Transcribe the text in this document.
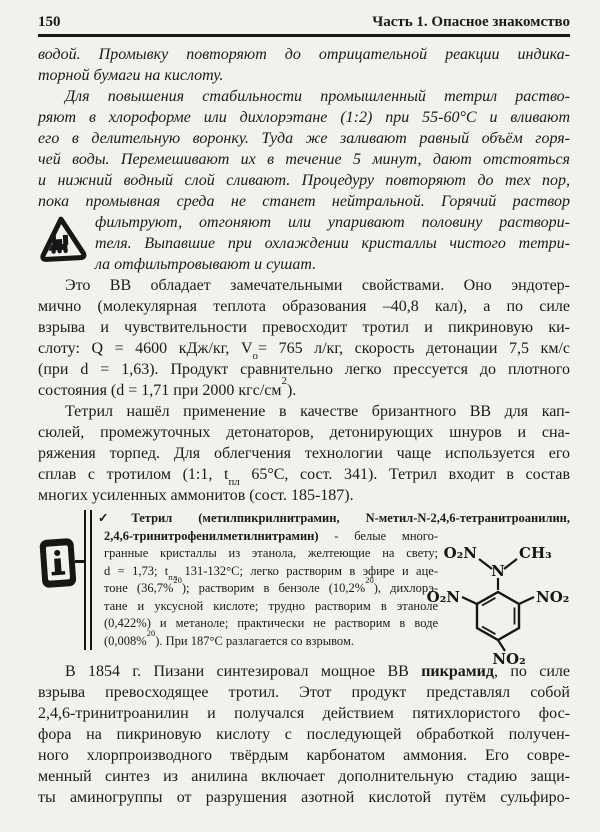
150	Часть 1. Опасное знакомство
водой. Промывку повторяют до отрицательной реакции индика-
торной бумаги на кислоту.
Для повышения стабильности промышленный тетрил раство-
ряют в хлороформе или дихлорэтане (1:2) при 55-60°С и вливают
его в делительную воронку. Туда же заливают равный объём горя-
чей воды. Перемешивают их в течение 5 минут, дают отстояться
и нижний водный слой сливают. Процедуру повторяют до тех пор,
пока промывная среда не станет нейтральной. Горячий раствор
фильтруют, отгоняют или упаривают половину раствори-
теля. Выпавшие при охлаждении кристаллы чистого тетри-
ла отфильтровывают и сушат.
Это ВВ обладает замечательными свойствами. Оно эндотер-
мично (молекулярная теплота образования –40,8 кал), а по силе
взрыва и чувствительности превосходит тротил и пикриновую ки-
слоту: Q = 4600 кДж/кг, $V_о= 765$ л/кг, скорость детонации 7,5 км/с
(при d = 1,63). Продукт сравнительно легко прессуется до плотного
состояния (d = 1,71 при 2000 кгс/$см^2$).
Тетрил нашёл применение в качестве бризантного ВВ для кап-
сюлей, промежуточных детонаторов, детонирующих шнуров и сна-
ряжения торпед. Для облегчения технологии чаще используется его
сплав с тротилом (1:1, $t_{пл}$ 65°С, сост. 341). Тетрил входит в состав
многих усиленных аммонитов (сост. 185-187).
✓Тетрил (метилпикрилнитрамин, N-метил-N-2,4,6-тетранитроанилин,
2,4,6-тринитрофенилметилнитрамин) - белые много-
гранные кристаллы из этанола, желтеющие на свету;
d = 1,73; $t_{пл}$ 131-132°С; легко растворим в эфире и аце-
тоне (36,7%$^{20}$); растворим в бензоле (10,2%$^{20}$), дихлорэ-
тане и уксусной кислоте; трудно растворим в этаноле
(0,422%) и метаноле; практически не растворим в воде
(0,008%$^{20}$). При 187°С разлагается со взрывом.
O₂N	CH₃
N
O₂N	NO₂
NO₂
В 1854 г. Пизани синтезировал мощное ВВ пикрамид, по силе
взрыва превосходящее тротил. Этот продукт представлял собой
2,4,6-тринитроанилин и получался действием пятихлористого фос-
фора на пикриновую кислоту с последующей обработкой получен-
ного хлорпроизводного твёрдым карбонатом аммония. Его совре-
менный синтез из анилина включает дополнительную стадию защи-
ты аминогруппы от разрушения азотной кислотой путём сульфиро-
